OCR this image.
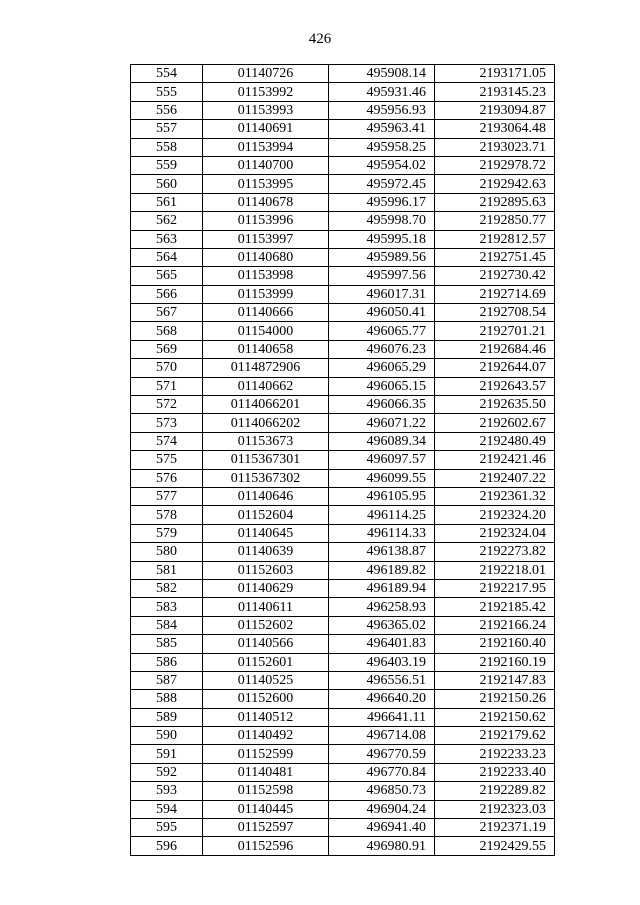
426
554	01140726	495908.14	2193171.05
555	01153992	495931.46	2193145.23
556	01153993	495956.93	2193094.87
557	01140691	495963.41	2193064.48
558	01153994	495958.25	2193023.71
559	01140700	495954.02	2192978.72
560	01153995	495972.45	2192942.63
561	01140678	495996.17	2192895.63
562	01153996	495998.70	2192850.77
563	01153997	495995.18	2192812.57
564	01140680	495989.56	2192751.45
565	01153998	495997.56	2192730.42
566	01153999	496017.31	2192714.69
567	01140666	496050.41	2192708.54
568	01154000	496065.77	2192701.21
569	01140658	496076.23	2192684.46
570	0114872906	496065.29	2192644.07
571	01140662	496065.15	2192643.57
572	0114066201	496066.35	2192635.50
573	0114066202	496071.22	2192602.67
574	01153673	496089.34	2192480.49
575	0115367301	496097.57	2192421.46
576	0115367302	496099.55	2192407.22
577	01140646	496105.95	2192361.32
578	01152604	496114.25	2192324.20
579	01140645	496114.33	2192324.04
580	01140639	496138.87	2192273.82
581	01152603	496189.82	2192218.01
582	01140629	496189.94	2192217.95
583	01140611	496258.93	2192185.42
584	01152602	496365.02	2192166.24
585	01140566	496401.83	2192160.40
586	01152601	496403.19	2192160.19
587	01140525	496556.51	2192147.83
588	01152600	496640.20	2192150.26
589	01140512	496641.11	2192150.62
590	01140492	496714.08	2192179.62
591	01152599	496770.59	2192233.23
592	01140481	496770.84	2192233.40
593	01152598	496850.73	2192289.82
594	01140445	496904.24	2192323.03
595	01152597	496941.40	2192371.19
596	01152596	496980.91	2192429.55
